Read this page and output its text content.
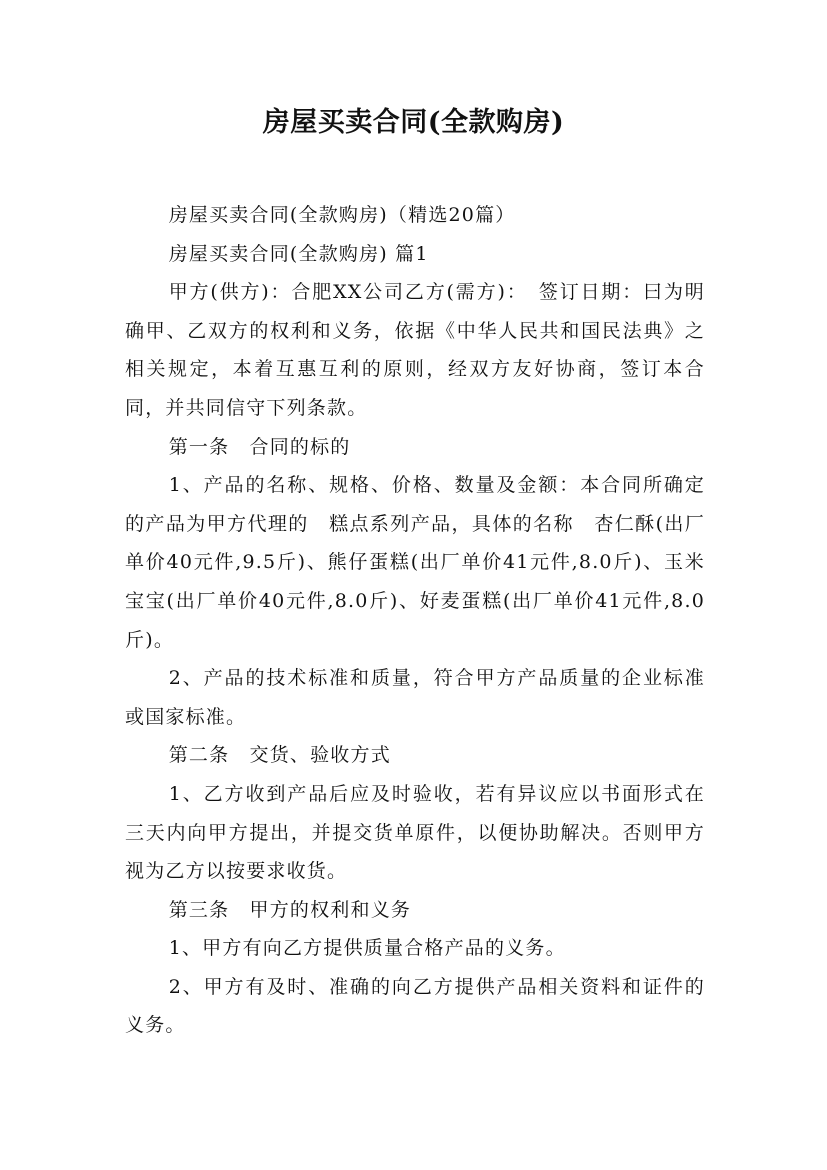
房屋买卖合同(全款购房)

房屋买卖合同(全款购房)（精选20篇）

房屋买卖合同(全款购房) 篇1

甲方(供方)：合肥XX公司乙方(需方)：　签订日期：曰为明确甲、乙双方的权利和义务，依据《中华人民共和国民法典》之相关规定，本着互惠互利的原则，经双方友好协商，签订本合同，并共同信守下列条款。

第一条　合同的标的

1、产品的名称、规格、价格、数量及金额：本合同所确定的产品为甲方代理的　糕点系列产品，具体的名称　杏仁酥(出厂单价40元件,9.5斤)、熊仔蛋糕(出厂单价41元件,8.0斤)、玉米宝宝(出厂单价40元件,8.0斤)、好麦蛋糕(出厂单价41元件,8.0斤)。

2、产品的技术标准和质量，符合甲方产品质量的企业标准或国家标准。

第二条　交货、验收方式

1、乙方收到产品后应及时验收，若有异议应以书面形式在三天内向甲方提出，并提交货单原件，以便协助解决。否则甲方视为乙方以按要求收货。

第三条　甲方的权利和义务

1、甲方有向乙方提供质量合格产品的义务。

2、甲方有及时、准确的向乙方提供产品相关资料和证件的义务。
